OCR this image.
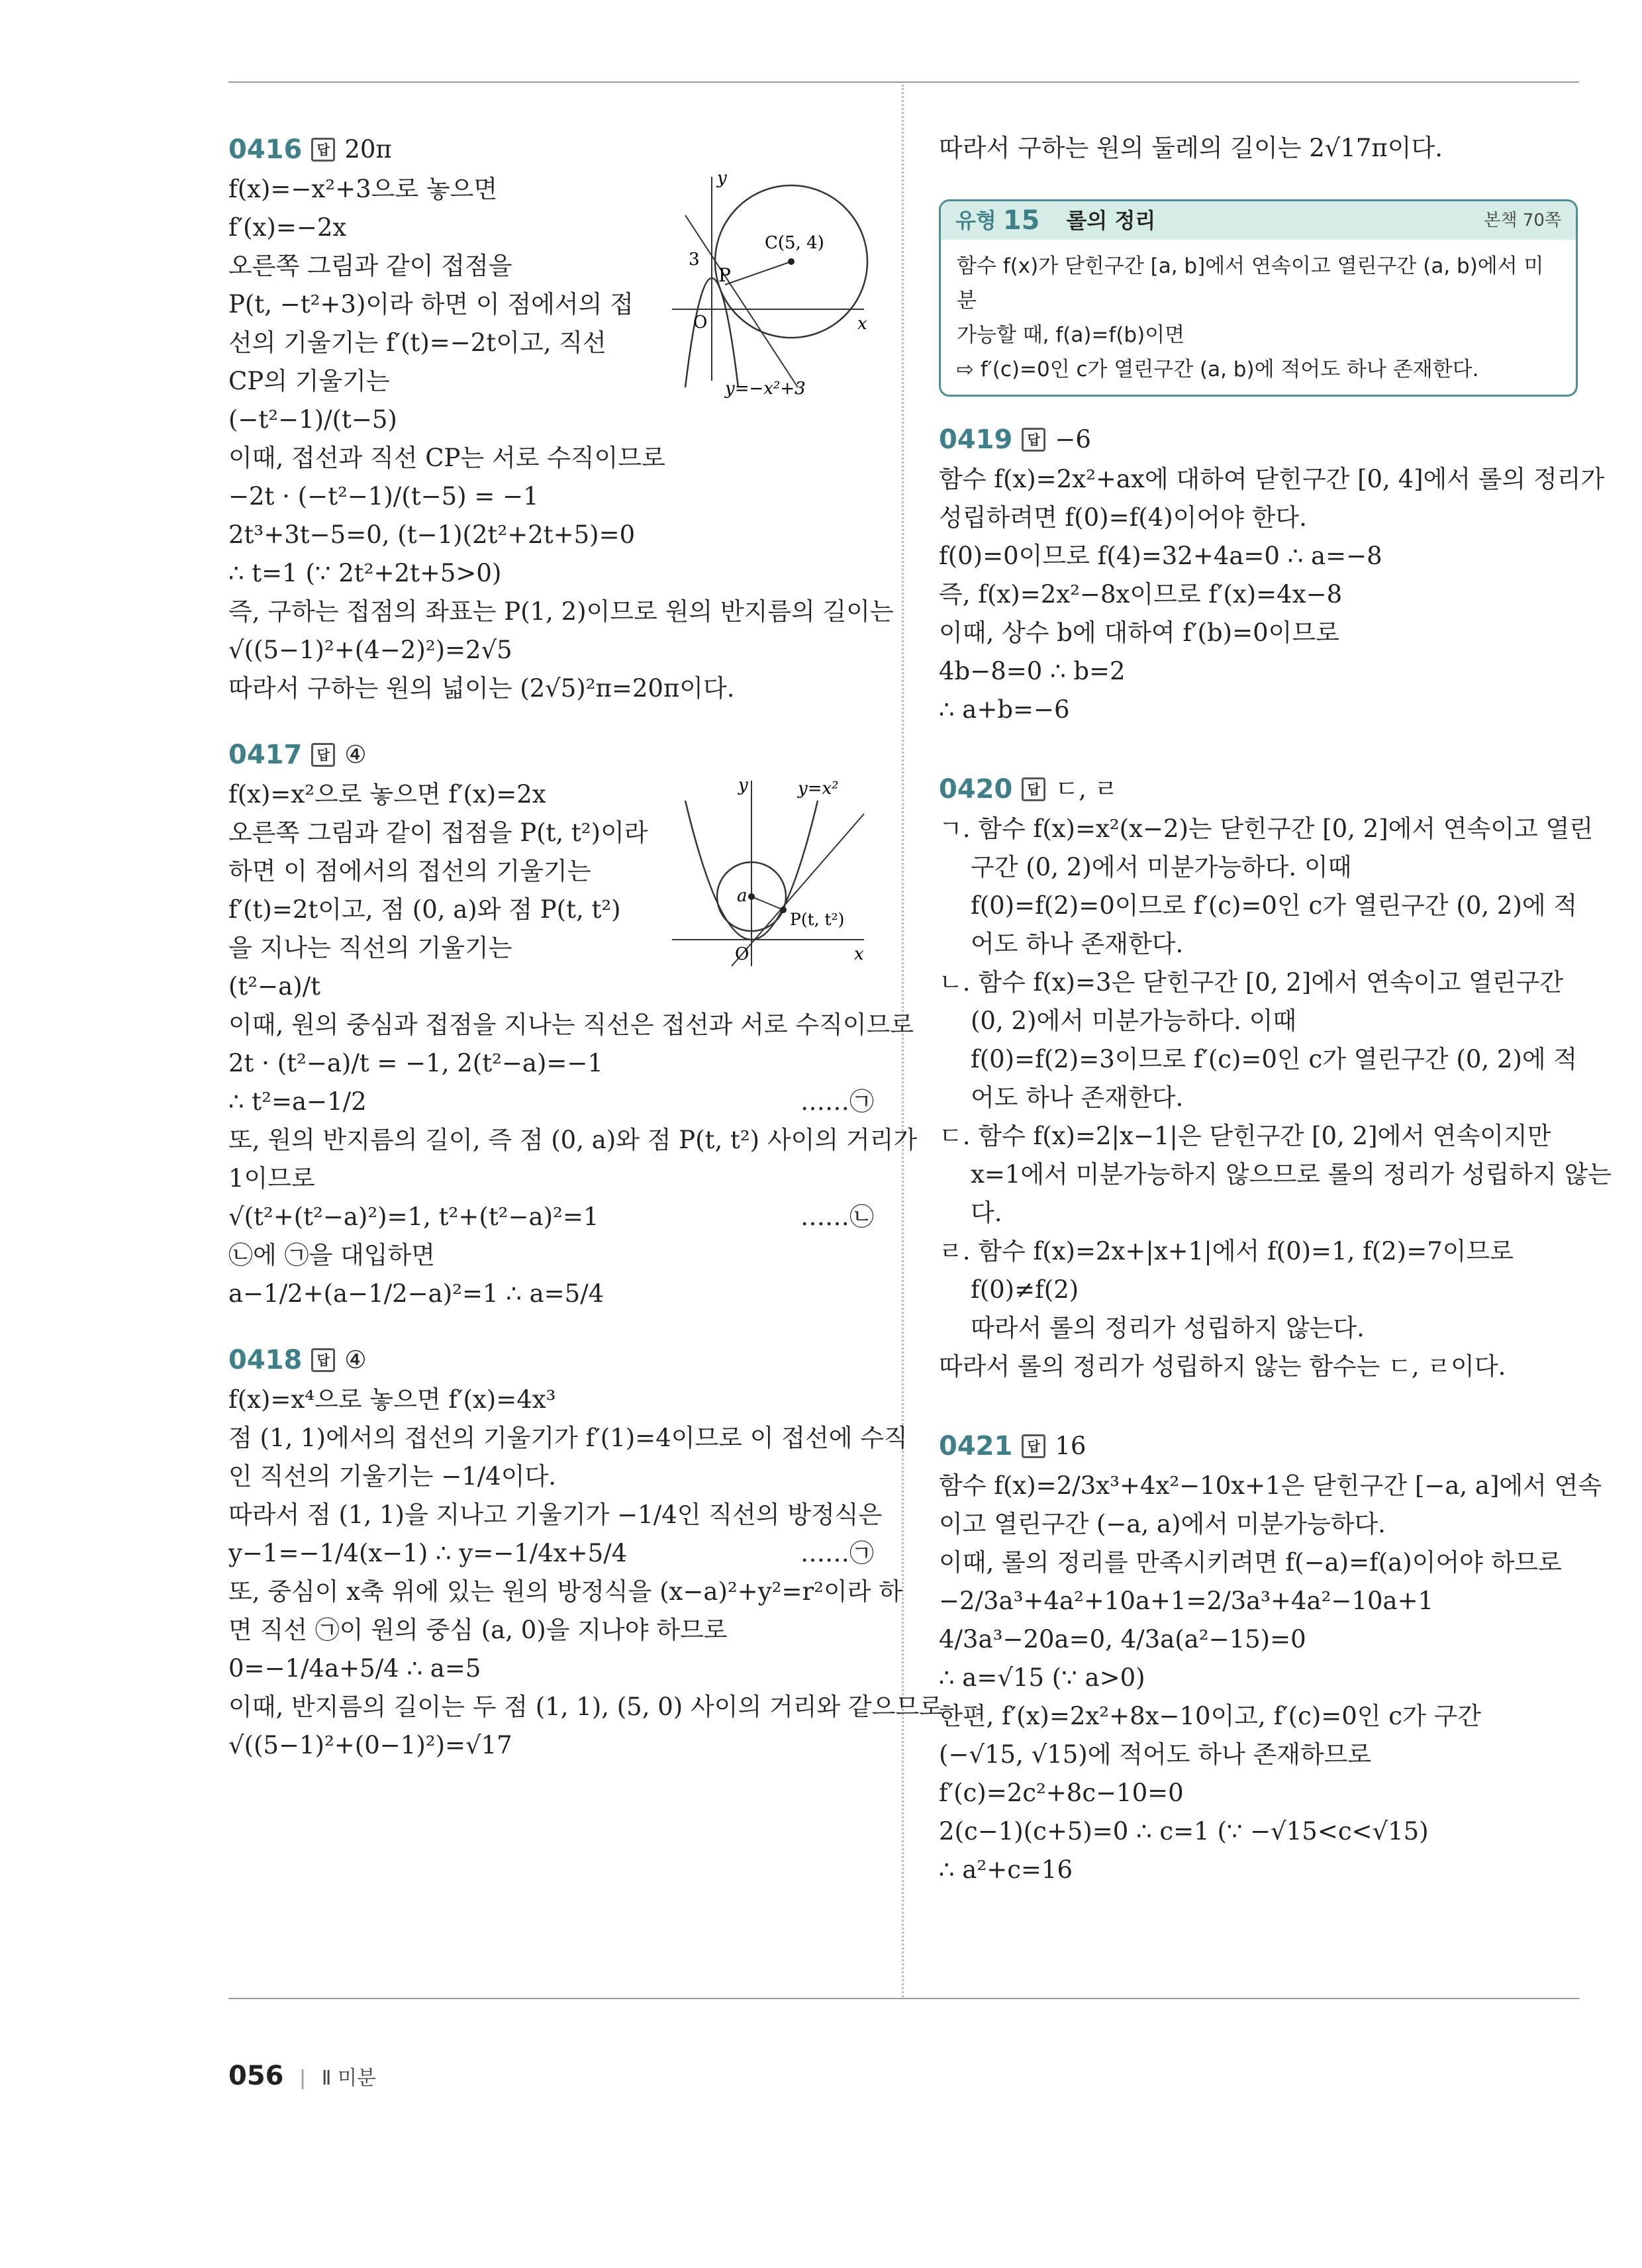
0416	답 20π
f(x)=−x²+3으로 놓으면
f′(x)=−2x
오른쪽 그림과 같이 접점을
P(t, −t²+3)이라 하면 이 점에서의 접
선의 기울기는 f′(t)=−2t이고, 직선
CP의 기울기는
(−t²−1)/(t−5)
이때, 접선과 직선 CP는 서로 수직이므로
−2t · (−t²−1)/(t−5) = −1
2t³+3t−5=0, (t−1)(2t²+2t+5)=0
∴ t=1 (∵ 2t²+2t+5>0)
즉, 구하는 접점의 좌표는 P(1, 2)이므로 원의 반지름의 길이는
√((5−1)²+(4−2)²)=2√5
따라서 구하는 원의 넓이는 (2√5)²π=20π이다.
y
x
O
3
P
C(5, 4)
y=−x²+3
0417	답 ④
f(x)=x²으로 놓으면 f′(x)=2x
오른쪽 그림과 같이 접점을 P(t, t²)이라
하면 이 점에서의 접선의 기울기는
f′(t)=2t이고, 점 (0, a)와 점 P(t, t²)
을 지나는 직선의 기울기는
(t²−a)/t
이때, 원의 중심과 접점을 지나는 직선은 접선과 서로 수직이므로
2t · (t²−a)/t = −1, 2(t²−a)=−1
∴ t²=a−1/2	……㉠
또, 원의 반지름의 길이, 즉 점 (0, a)와 점 P(t, t²) 사이의 거리가
1이므로
√(t²+(t²−a)²)=1, t²+(t²−a)²=1	……㉡
㉡에 ㉠을 대입하면
a−1/2+(a−1/2−a)²=1 ∴ a=5/4
y
x
O
a
P(t, t²)
y=x²
0418	답 ④
f(x)=x⁴으로 놓으면 f′(x)=4x³
점 (1, 1)에서의 접선의 기울기가 f′(1)=4이므로 이 접선에 수직
인 직선의 기울기는 −1/4이다.
따라서 점 (1, 1)을 지나고 기울기가 −1/4인 직선의 방정식은
y−1=−1/4(x−1) ∴ y=−1/4x+5/4	……㉠
또, 중심이 x축 위에 있는 원의 방정식을 (x−a)²+y²=r²이라 하
면 직선 ㉠이 원의 중심 (a, 0)을 지나야 하므로
0=−1/4a+5/4 ∴ a=5
이때, 반지름의 길이는 두 점 (1, 1), (5, 0) 사이의 거리와 같으므로
√((5−1)²+(0−1)²)=√17
따라서 구하는 원의 둘레의 길이는 2√17π이다.
유형 15 롤의 정리	본책 70쪽
함수 f(x)가 닫힌구간 [a, b]에서 연속이고 열린구간 (a, b)에서 미분
가능할 때, f(a)=f(b)이면
⇨ f′(c)=0인 c가 열린구간 (a, b)에 적어도 하나 존재한다.
0419	답 −6
함수 f(x)=2x²+ax에 대하여 닫힌구간 [0, 4]에서 롤의 정리가
성립하려면 f(0)=f(4)이어야 한다.
f(0)=0이므로 f(4)=32+4a=0 ∴ a=−8
즉, f(x)=2x²−8x이므로 f′(x)=4x−8
이때, 상수 b에 대하여 f′(b)=0이므로
4b−8=0 ∴ b=2
∴ a+b=−6
0420	답 ㄷ, ㄹ
ㄱ. 함수 f(x)=x²(x−2)는 닫힌구간 [0, 2]에서 연속이고 열린
구간 (0, 2)에서 미분가능하다. 이때
f(0)=f(2)=0이므로 f′(c)=0인 c가 열린구간 (0, 2)에 적
어도 하나 존재한다.
ㄴ. 함수 f(x)=3은 닫힌구간 [0, 2]에서 연속이고 열린구간
(0, 2)에서 미분가능하다. 이때
f(0)=f(2)=3이므로 f′(c)=0인 c가 열린구간 (0, 2)에 적
어도 하나 존재한다.
ㄷ. 함수 f(x)=2|x−1|은 닫힌구간 [0, 2]에서 연속이지만
x=1에서 미분가능하지 않으므로 롤의 정리가 성립하지 않는
다.
ㄹ. 함수 f(x)=2x+|x+1|에서 f(0)=1, f(2)=7이므로
f(0)≠f(2)
따라서 롤의 정리가 성립하지 않는다.
따라서 롤의 정리가 성립하지 않는 함수는 ㄷ, ㄹ이다.
0421	답 16
함수 f(x)=2/3x³+4x²−10x+1은 닫힌구간 [−a, a]에서 연속
이고 열린구간 (−a, a)에서 미분가능하다.
이때, 롤의 정리를 만족시키려면 f(−a)=f(a)이어야 하므로
−2/3a³+4a²+10a+1=2/3a³+4a²−10a+1
4/3a³−20a=0, 4/3a(a²−15)=0
∴ a=√15 (∵ a>0)
한편, f′(x)=2x²+8x−10이고, f′(c)=0인 c가 구간
(−√15, √15)에 적어도 하나 존재하므로
f′(c)=2c²+8c−10=0
2(c−1)(c+5)=0 ∴ c=1 (∵ −√15<c<√15)
∴ a²+c=16
056 | Ⅱ 미분
